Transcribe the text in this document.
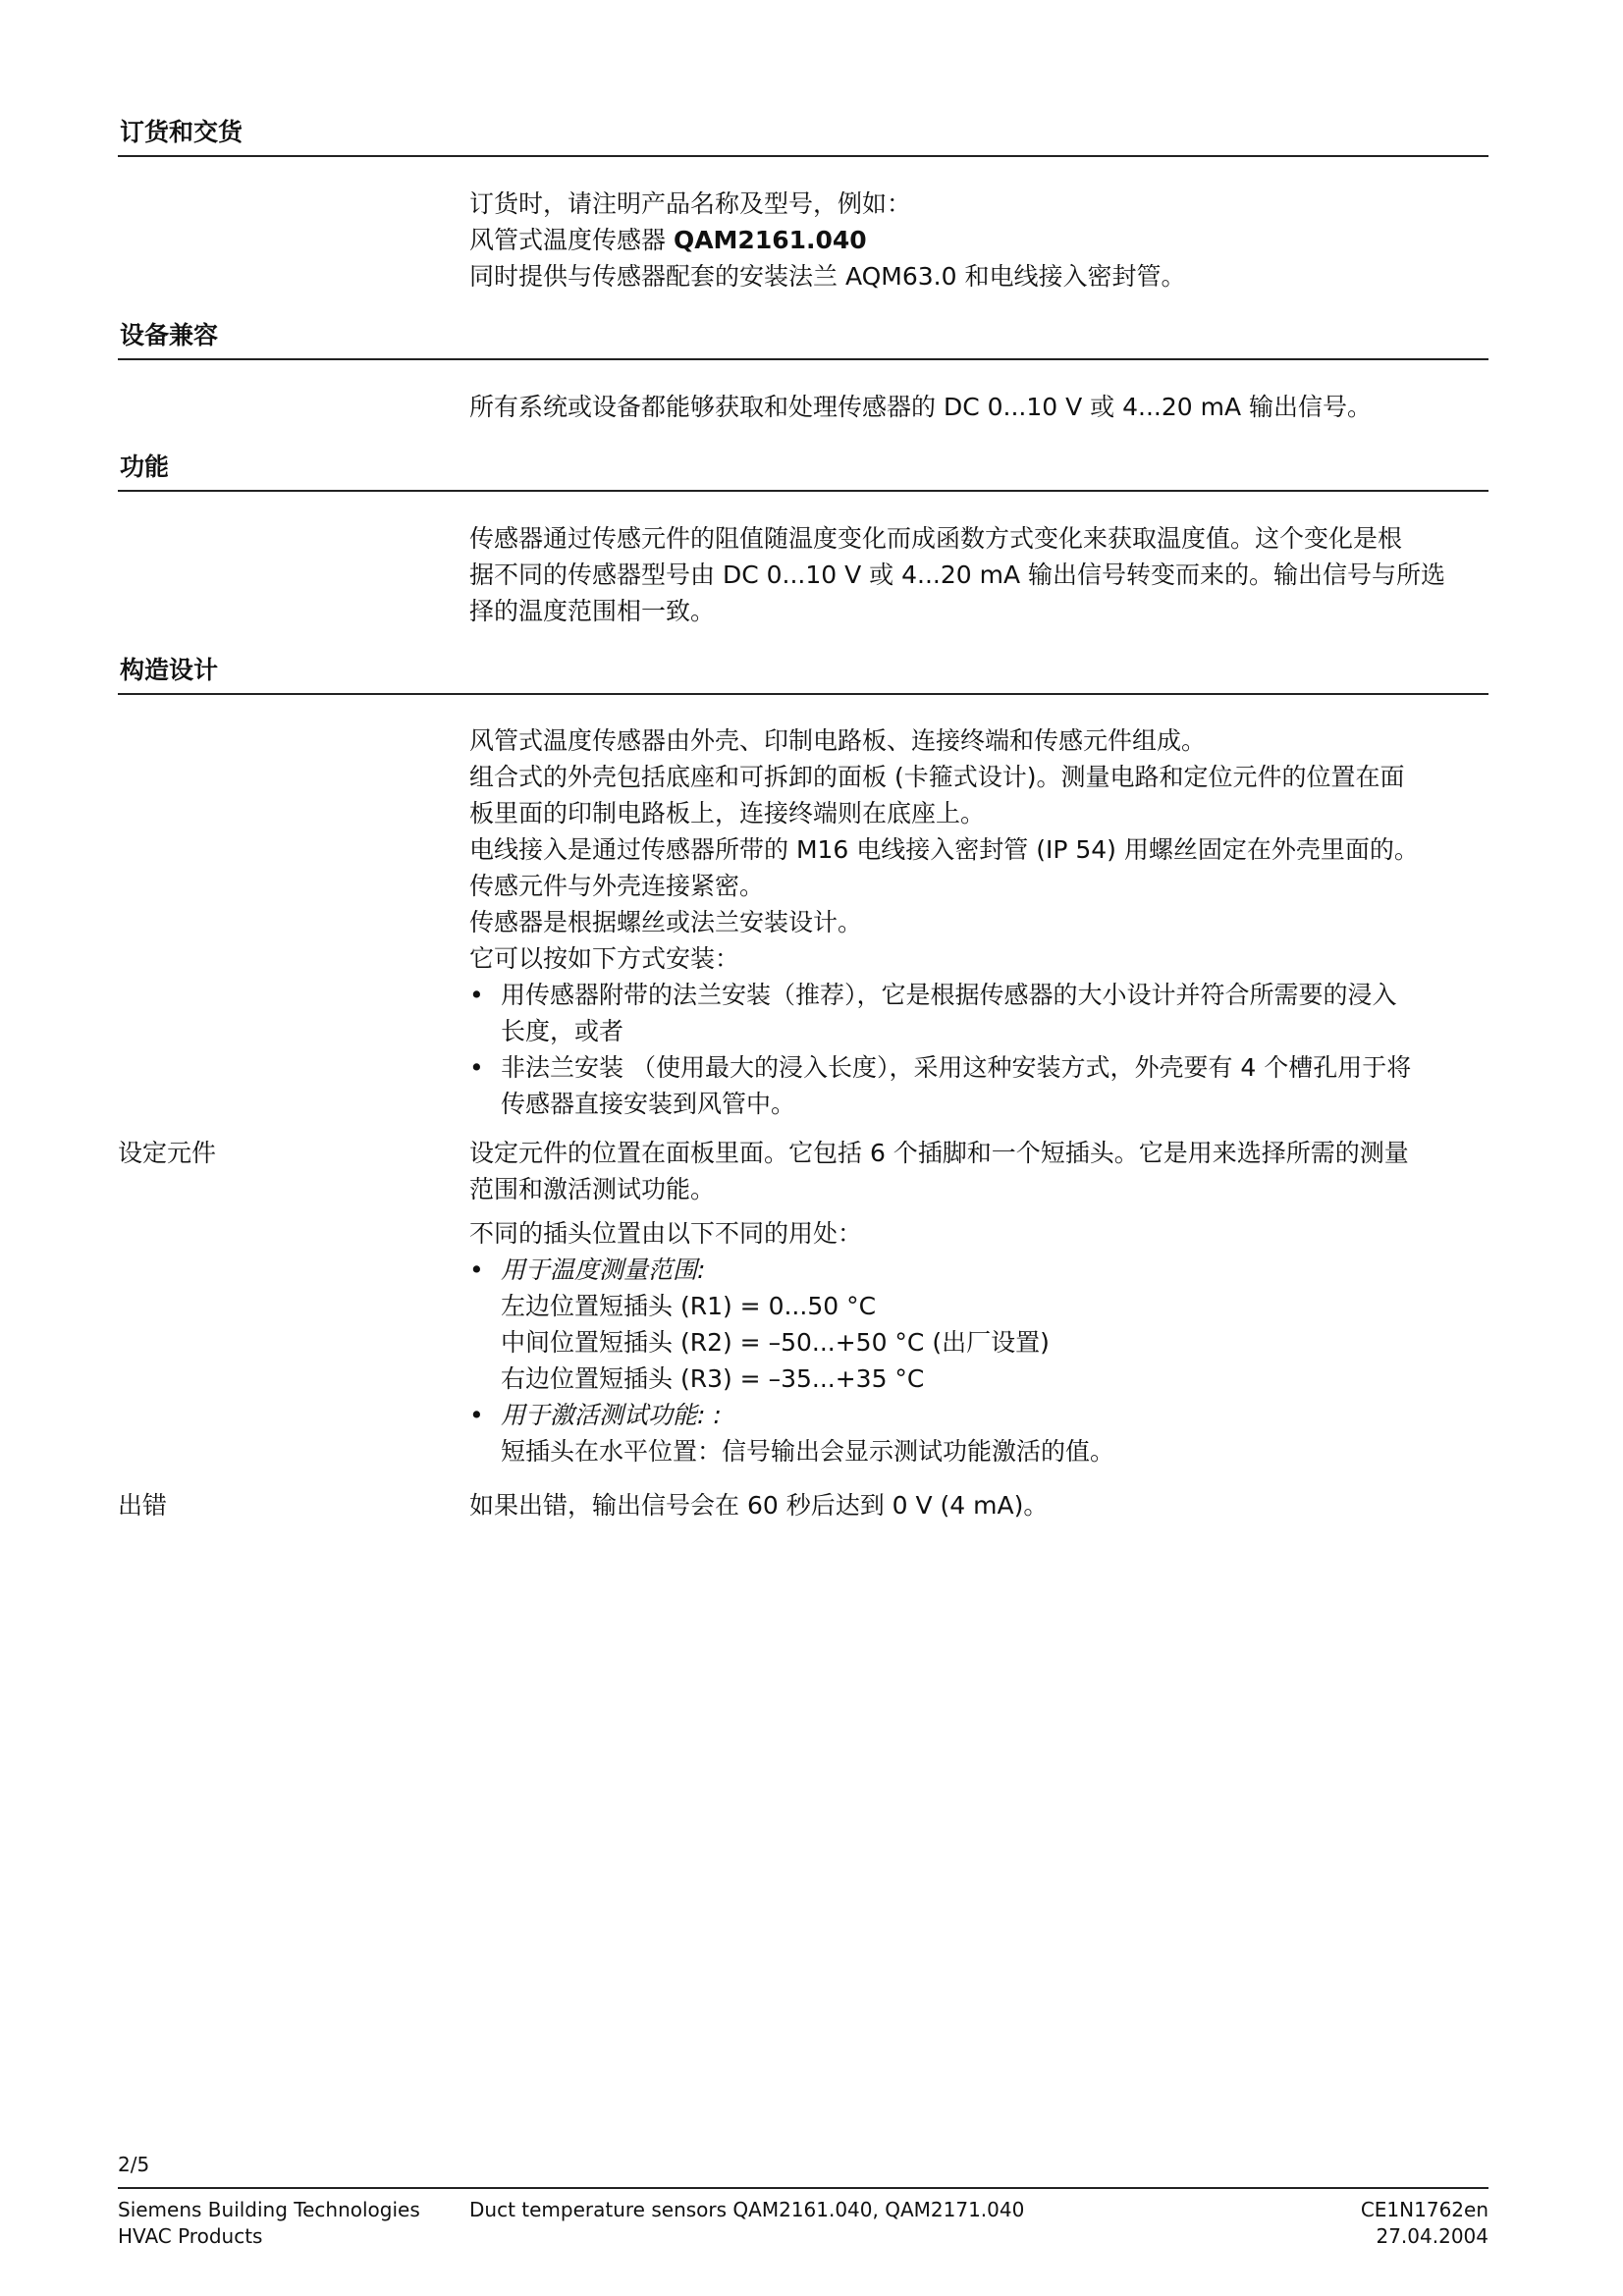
订货和交货
订货时，请注明产品名称及型号，例如：
风管式温度传感器 QAM2161.040
同时提供与传感器配套的安装法兰 AQM63.0 和电线接入密封管。
设备兼容
所有系统或设备都能够获取和处理传感器的 DC 0...10 V 或 4...20 mA 输出信号。
功能
传感器通过传感元件的阻值随温度变化而成函数方式变化来获取温度值。这个变化是根
据不同的传感器型号由 DC 0...10 V 或 4...20 mA 输出信号转变而来的。输出信号与所选
择的温度范围相一致。
构造设计
风管式温度传感器由外壳、印制电路板、连接终端和传感元件组成。
组合式的外壳包括底座和可拆卸的面板 (卡箍式设计)。测量电路和定位元件的位置在面
板里面的印制电路板上，连接终端则在底座上。
电线接入是通过传感器所带的 M16 电线接入密封管 (IP 54) 用螺丝固定在外壳里面的。
传感元件与外壳连接紧密。
传感器是根据螺丝或法兰安装设计。
它可以按如下方式安装：
• 用传感器附带的法兰安装（推荐），它是根据传感器的大小设计并符合所需要的浸入
长度，或者
• 非法兰安装 （使用最大的浸入长度），采用这种安装方式，外壳要有 4 个槽孔用于将
传感器直接安装到风管中。
设定元件	设定元件的位置在面板里面。它包括 6 个插脚和一个短插头。它是用来选择所需的测量
范围和激活测试功能。
不同的插头位置由以下不同的用处：
• 用于温度测量范围:
左边位置短插头 (R1) = 0...50 °C
中间位置短插头 (R2) = –50...+50 °C (出厂设置)
右边位置短插头 (R3) = –35...+35 °C
• 用于激活测试功能: :
短插头在水平位置：信号输出会显示测试功能激活的值。
出错	如果出错，输出信号会在 60 秒后达到 0 V (4 mA)。
2/5
Siemens Building Technologies
HVAC Products
Duct temperature sensors QAM2161.040, QAM2171.040	CE1N1762en
27.04.2004
